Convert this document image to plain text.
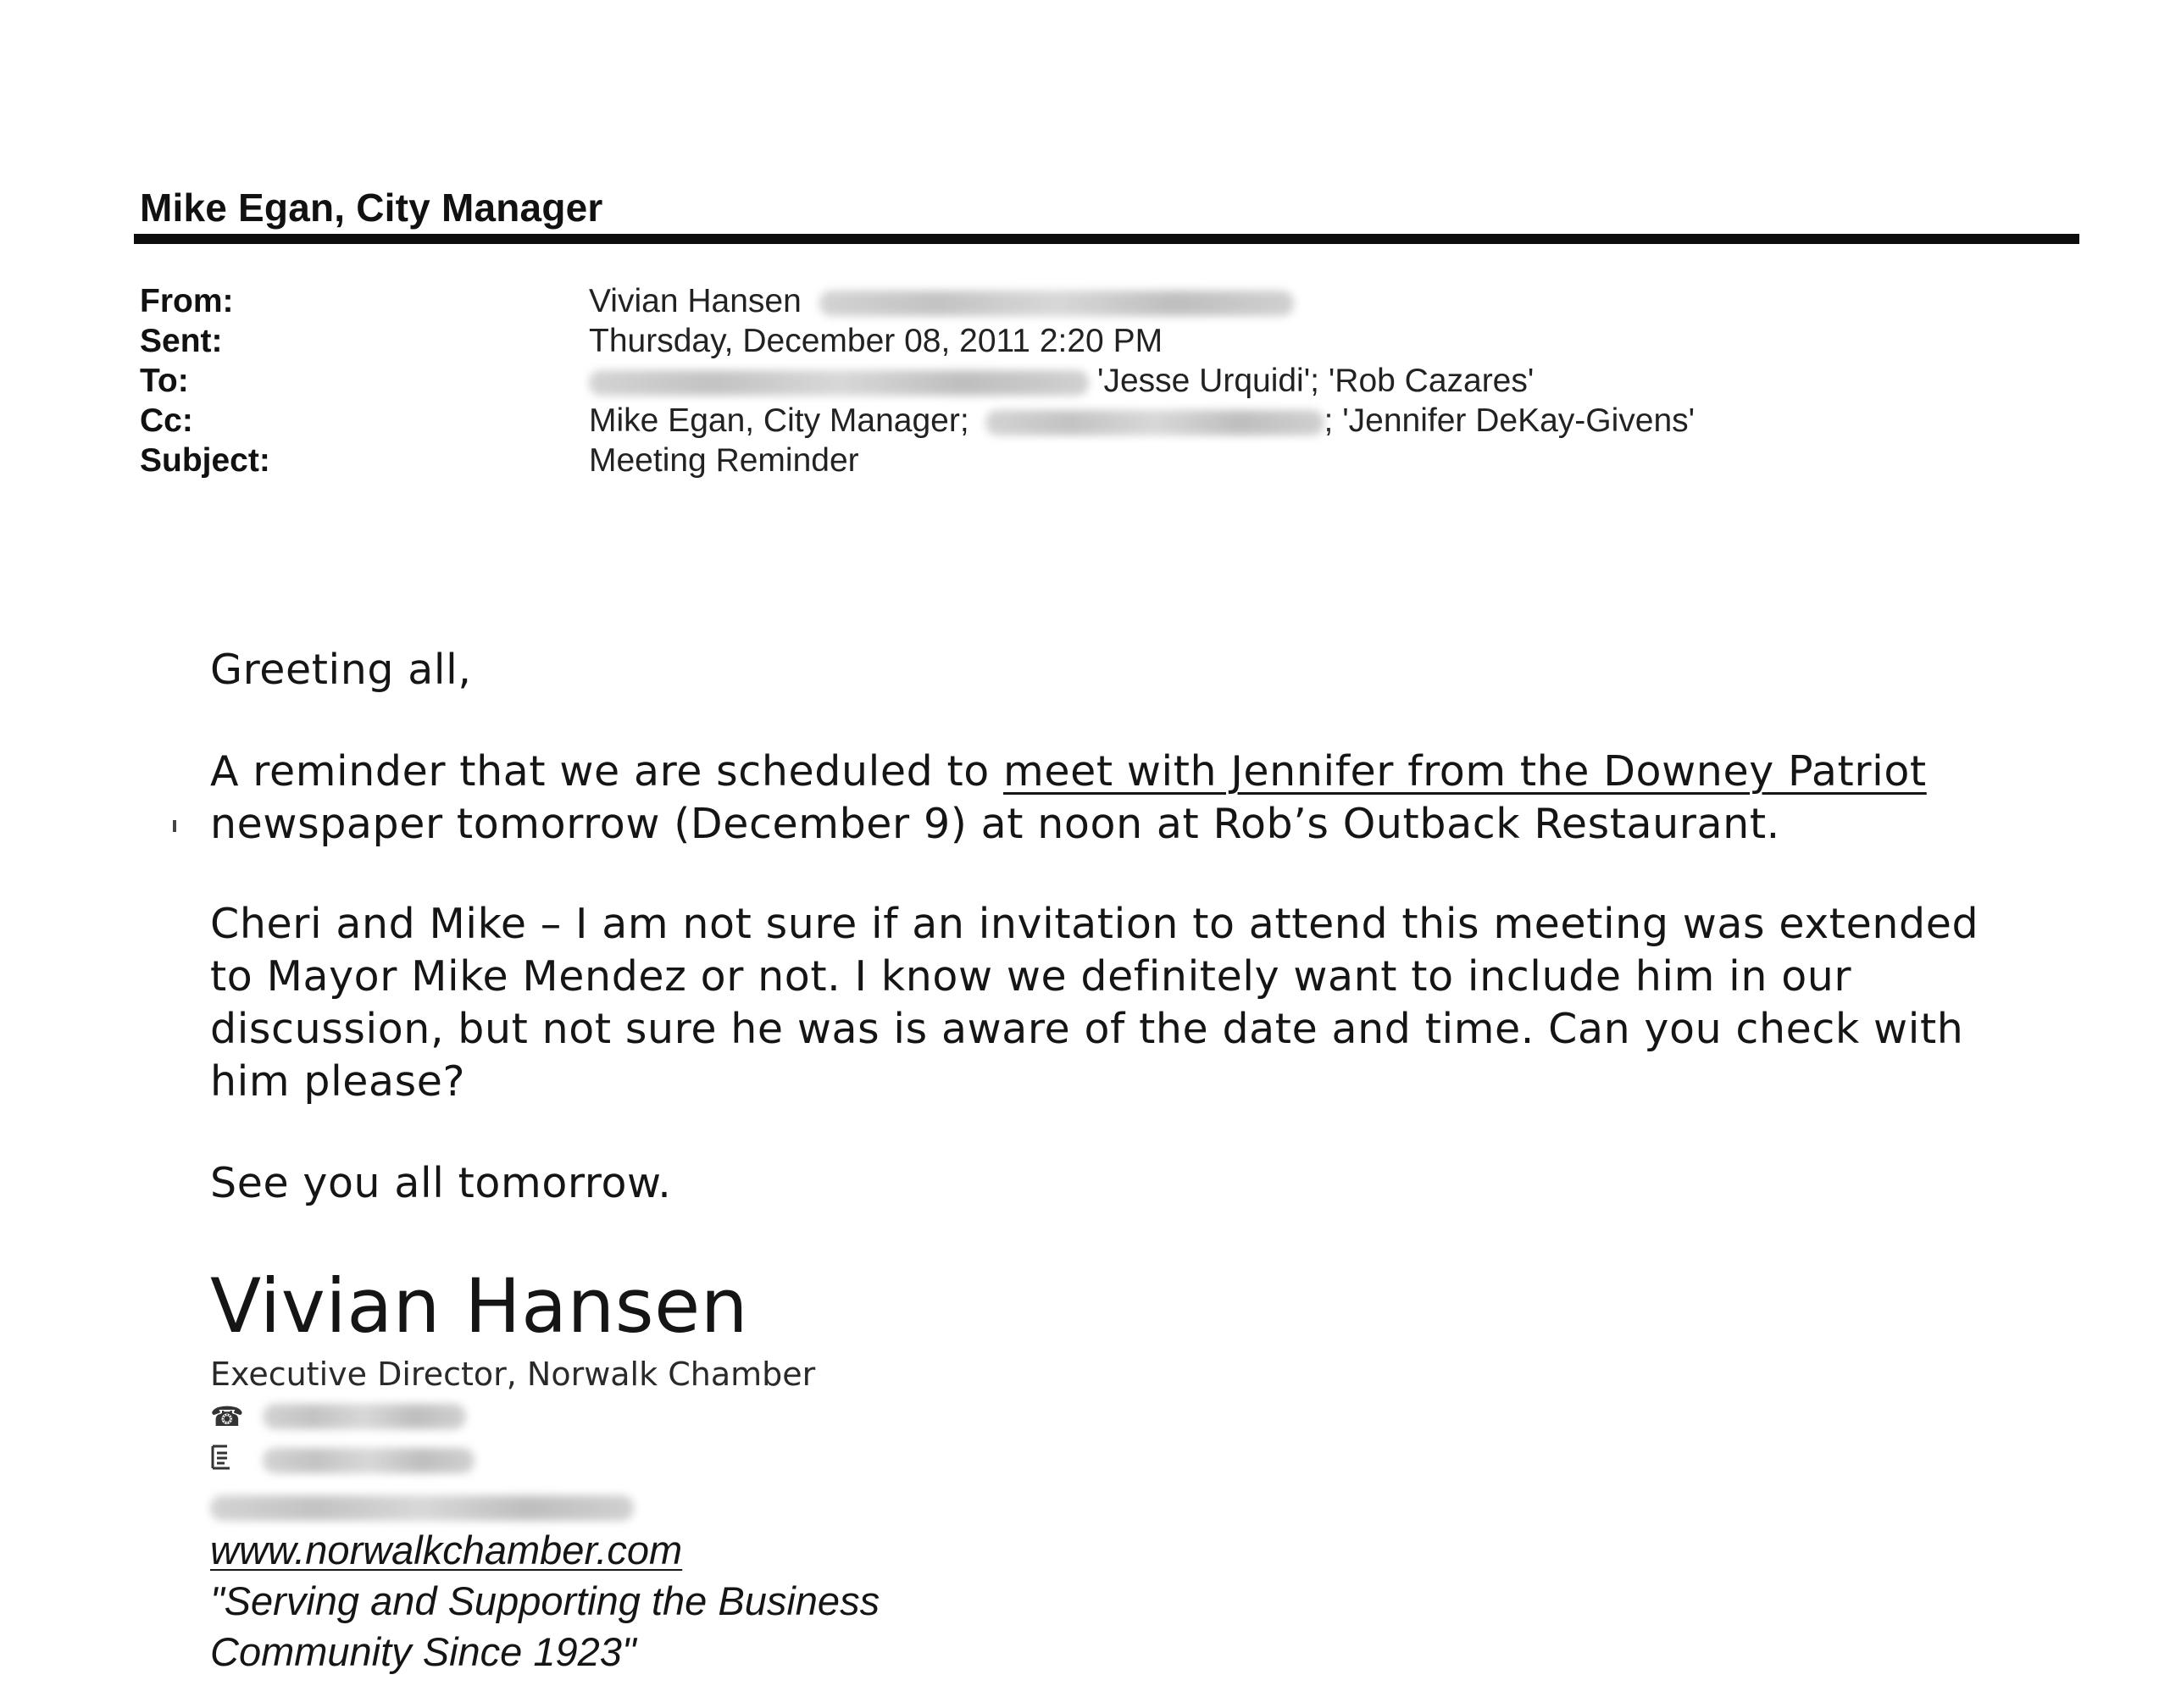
Mike Egan, City Manager
From:	Vivian Hansen
Sent:	Thursday, December 08, 2011 2:20 PM
To:	'Jesse Urquidi'; 'Rob Cazares'
Cc:	Mike Egan, City Manager;	; 'Jennifer DeKay-Givens'
Subject:	Meeting Reminder
Greeting all,
A reminder that we are scheduled to meet with Jennifer from the Downey Patriot
newspaper tomorrow (December 9) at noon at Rob’s Outback Restaurant.
Cheri and Mike – I am not sure if an invitation to attend this meeting was extended
to Mayor Mike Mendez or not. I know we definitely want to include him in our
discussion, but not sure he was is aware of the date and time. Can you check with
him please?
See you all tomorrow.
Vivian Hansen
Executive Director, Norwalk Chamber
☎
www.norwalkchamber.com
"Serving and Supporting the Business
Community Since 1923"
